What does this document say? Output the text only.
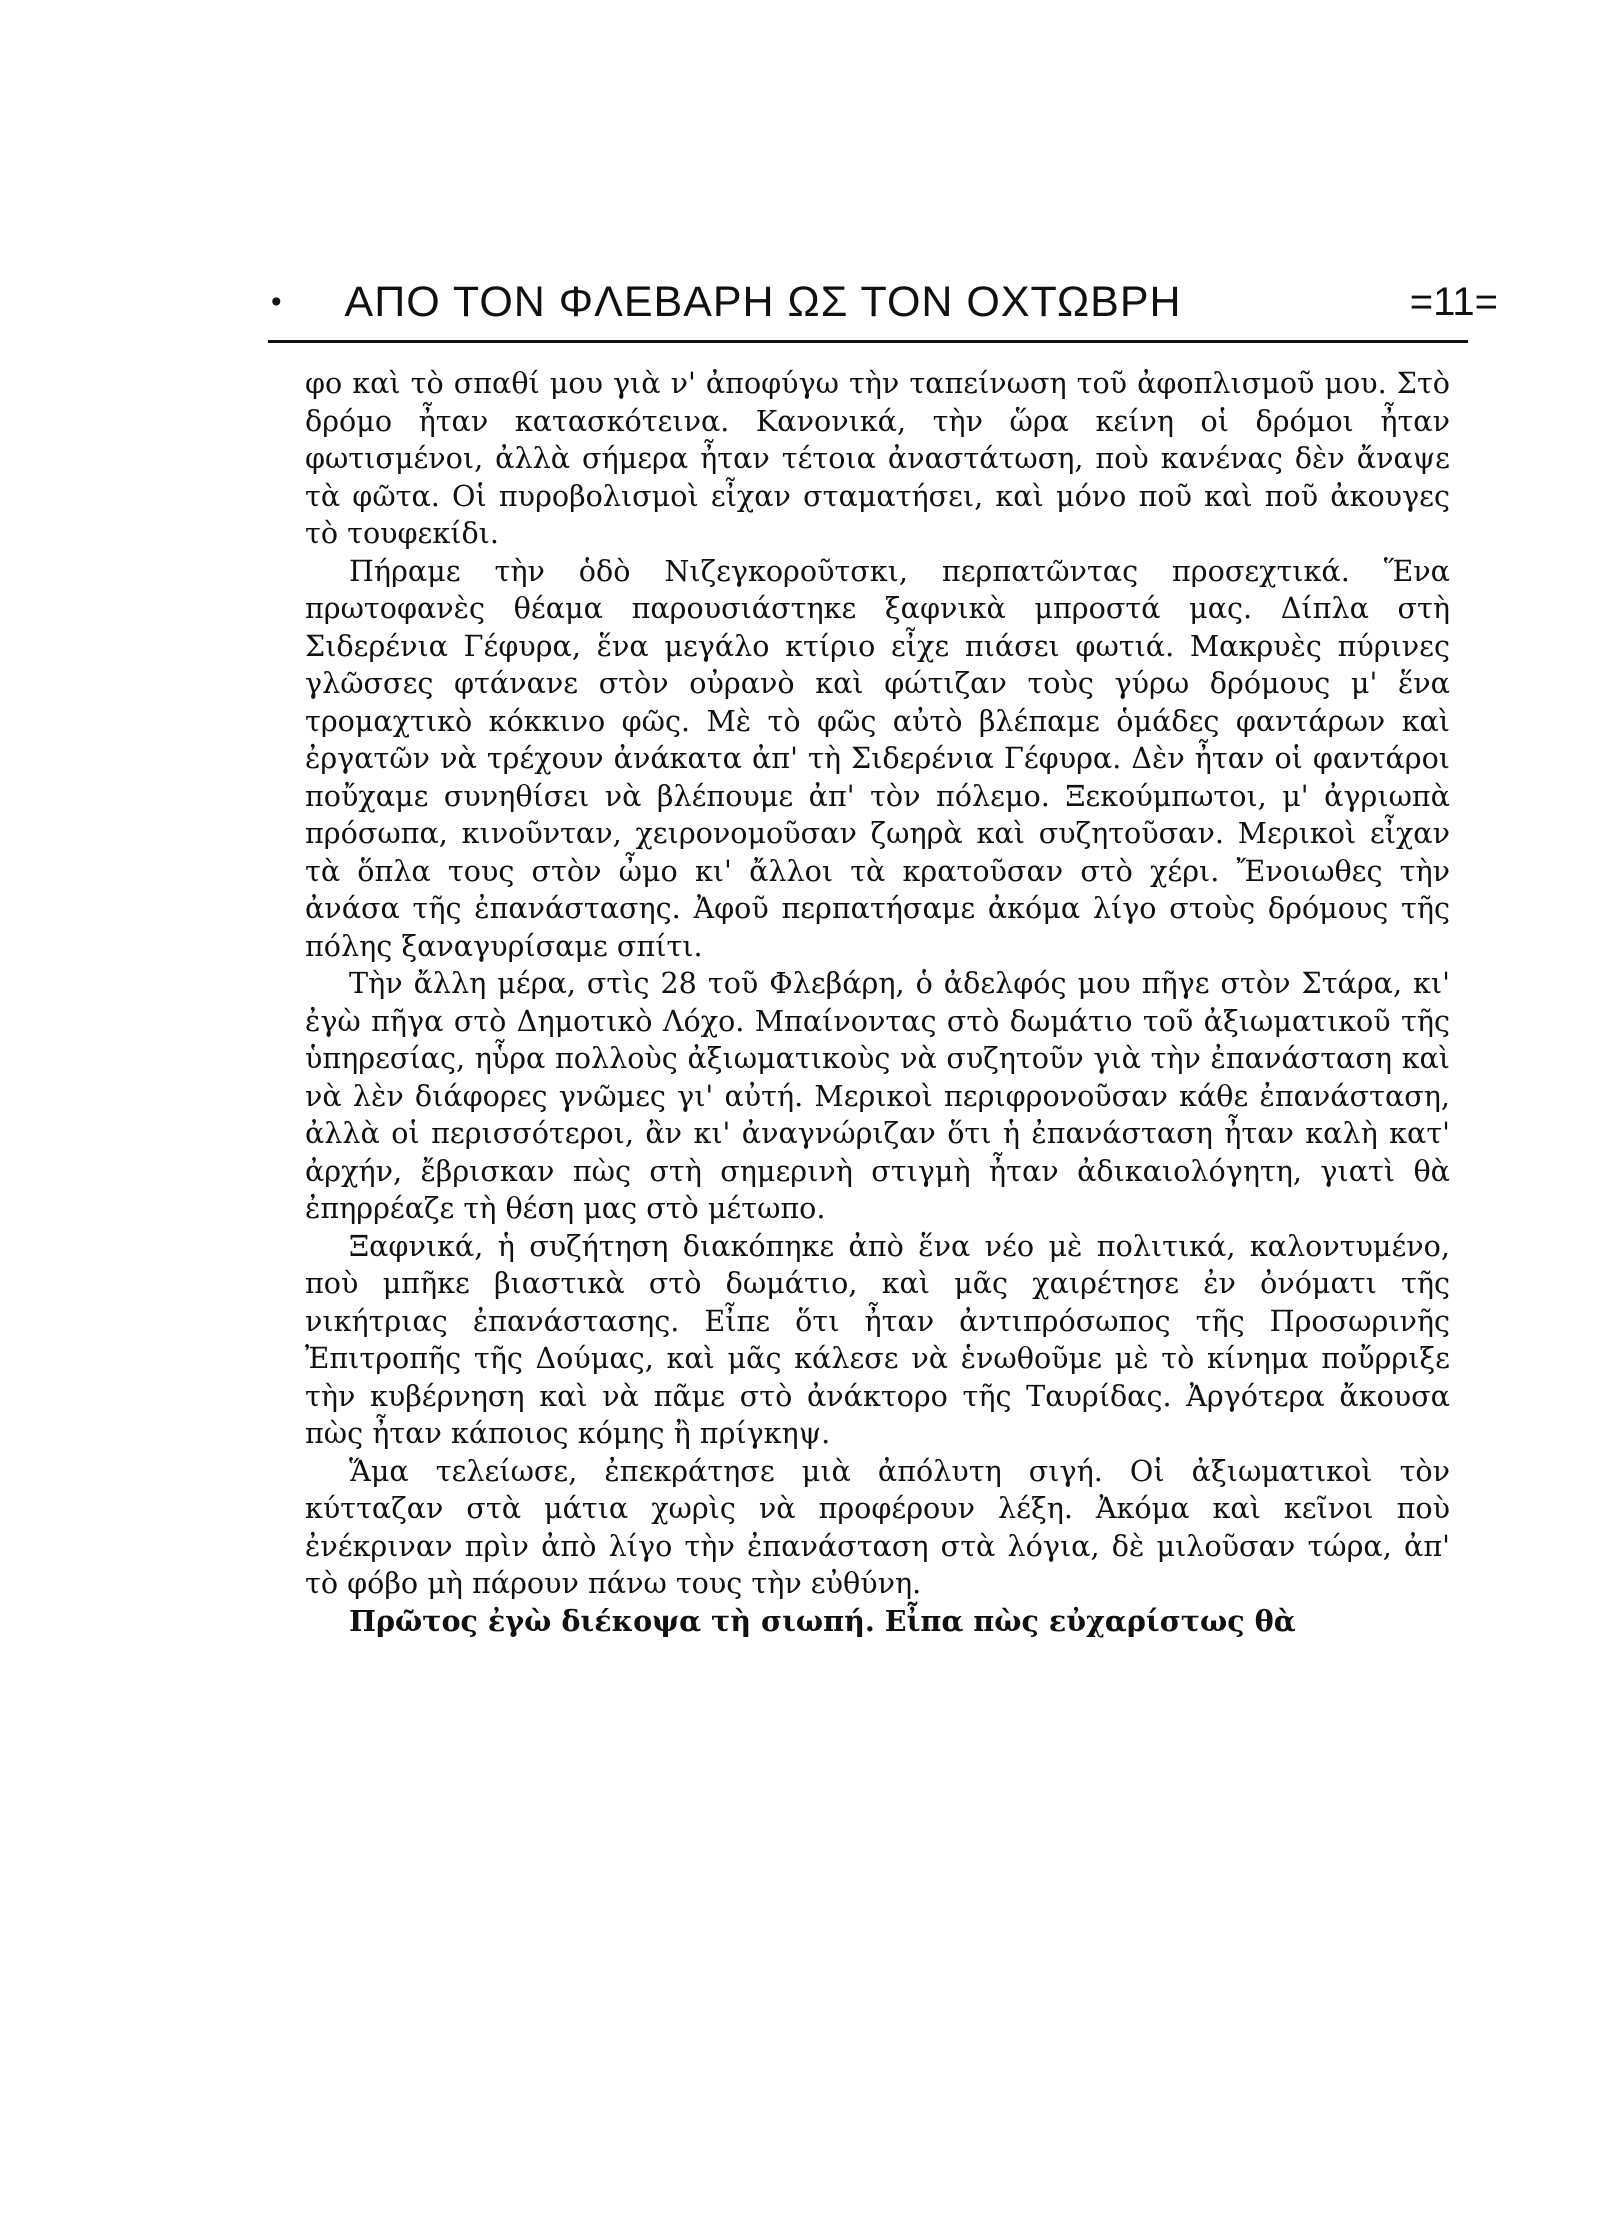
• ΑΠΟ ΤΟΝ ΦΛΕΒΑΡΗ ΩΣ ΤΟΝ ΟΧΤΩΒΡΗ	=11=

φο καὶ τὸ σπαθί μου γιὰ ν' ἀποφύγω τὴν ταπείνωση τοῦ ἀφοπλισμοῦ μου. Στὸ δρόμο ἦταν κατασκότεινα. Κανονικά, τὴν ὥρα κείνη οἱ δρόμοι ἦταν φωτισμένοι, ἀλλὰ σήμερα ἦταν τέτοια ἀναστάτωση, ποὺ κανένας δὲν ἄναψε τὰ φῶτα. Οἱ πυροβολισμοὶ εἶχαν σταματήσει, καὶ μόνο ποῦ καὶ ποῦ ἀκουγες τὸ τουφεκίδι.

Πήραμε τὴν ὁδὸ Νιζεγκοροῦτσκι, περπατῶντας προσεχτικά. Ἕνα πρωτοφανὲς θέαμα παρουσιάστηκε ξαφνικὰ μπροστά μας. Δίπλα στὴ Σιδερένια Γέφυρα, ἕνα μεγάλο κτίριο εἶχε πιάσει φωτιά. Μακρυὲς πύρινες γλῶσσες φτάνανε στὸν οὐρανὸ καὶ φώτιζαν τοὺς γύρω δρόμους μ' ἕνα τρομαχτικὸ κόκκινο φῶς. Μὲ τὸ φῶς αὐτὸ βλέπαμε ὁμάδες φαντάρων καὶ ἐργατῶν νὰ τρέχουν ἀνάκατα ἀπ' τὴ Σιδερένια Γέφυρα. Δὲν ἦταν οἱ φαντάροι ποὔχαμε συνηθίσει νὰ βλέπουμε ἀπ' τὸν πόλεμο. Ξεκούμπωτοι, μ' ἀγριωπὰ πρόσωπα, κινοῦνταν, χειρονομοῦσαν ζωηρὰ καὶ συζητοῦσαν. Μερικοὶ εἶχαν τὰ ὅπλα τους στὸν ὦμο κι' ἄλλοι τὰ κρατοῦσαν στὸ χέρι. Ἔνοιωθες τὴν ἀνάσα τῆς ἐπανάστασης. Ἀφοῦ περπατήσαμε ἀκόμα λίγο στοὺς δρόμους τῆς πόλης ξαναγυρίσαμε σπίτι.

Τὴν ἄλλη μέρα, στὶς 28 τοῦ Φλεβάρη, ὁ ἀδελφός μου πῆγε στὸν Στάρα, κι' ἐγὼ πῆγα στὸ Δημοτικὸ Λόχο. Μπαίνοντας στὸ δωμάτιο τοῦ ἀξιωματικοῦ τῆς ὑπηρεσίας, ηὗρα πολλοὺς ἀξιωματικοὺς νὰ συζητοῦν γιὰ τὴν ἐπανάσταση καὶ νὰ λὲν διάφορες γνῶμες γι' αὐτή. Μερικοὶ περιφρονοῦσαν κάθε ἐπανάσταση, ἀλλὰ οἱ περισσότεροι, ἂν κι' ἀναγνώριζαν ὅτι ἡ ἐπανάσταση ἦταν καλὴ κατ' ἀρχήν, ἔβρισκαν πὼς στὴ σημερινὴ στιγμὴ ἦταν ἀδικαιολόγητη, γιατὶ θὰ ἐπηρρέαζε τὴ θέση μας στὸ μέτωπο.

Ξαφνικά, ἡ συζήτηση διακόπηκε ἀπὸ ἕνα νέο μὲ πολιτικά, καλοντυμένο, ποὺ μπῆκε βιαστικὰ στὸ δωμάτιο, καὶ μᾶς χαιρέτησε ἐν ὀνόματι τῆς νικήτριας ἐπανάστασης. Εἶπε ὅτι ἦταν ἀντιπρόσωπος τῆς Προσωρινῆς Ἐπιτροπῆς τῆς Δούμας, καὶ μᾶς κάλεσε νὰ ἑνωθοῦμε μὲ τὸ κίνημα ποὔρριξε τὴν κυβέρνηση καὶ νὰ πᾶμε στὸ ἀνάκτορο τῆς Ταυρίδας. Ἀργότερα ἄκουσα πὼς ἦταν κάποιος κόμης ἢ πρίγκηψ.

Ἅμα τελείωσε, ἐπεκράτησε μιὰ ἀπόλυτη σιγή. Οἱ ἀξιωματικοὶ τὸν κύτταζαν στὰ μάτια χωρὶς νὰ προφέρουν λέξη. Ἀκόμα καὶ κεῖνοι ποὺ ἐνέκριναν πρὶν ἀπὸ λίγο τὴν ἐπανάσταση στὰ λόγια, δὲ μιλοῦσαν τώρα, ἀπ' τὸ φόβο μὴ πάρουν πάνω τους τὴν εὐθύνη.

Πρῶτος ἐγὼ διέκοψα τὴ σιωπή. Εἶπα πὼς εὐχαρίστως θὰ
